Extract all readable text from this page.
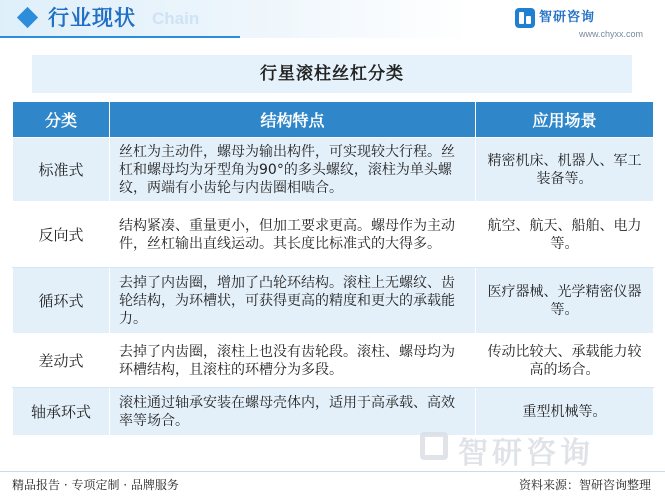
行业现状 Chain	智研咨询
www.chyxx.com
行星滚柱丝杠分类
分类	结构特点	应用场景
标准式	丝杠为主动件，螺母为输出构件，可实现较大行程。丝杠和螺母均为牙型角为90°的多头螺纹，滚柱为单头螺纹，两端有小齿轮与内齿圈相啮合。	精密机床、机器人、军工装备等。
反向式	结构紧凑、重量更小，但加工要求更高。螺母作为主动件，丝杠输出直线运动。其长度比标准式的大得多。	航空、航天、船舶、电力等。
循环式	去掉了内齿圈，增加了凸轮环结构。滚柱上无螺纹、齿轮结构，为环槽状，可获得更高的精度和更大的承载能力。	医疗器械、光学精密仪器等。
差动式	去掉了内齿圈，滚柱上也没有齿轮段。滚柱、螺母均为环槽结构，且滚柱的环槽分为多段。	传动比较大、承载能力较高的场合。
轴承环式	滚柱通过轴承安装在螺母壳体内，适用于高承载、高效率等场合。	重型机械等。
智研咨询
精品报告 · 专项定制 · 品牌服务	资料来源：智研咨询整理
